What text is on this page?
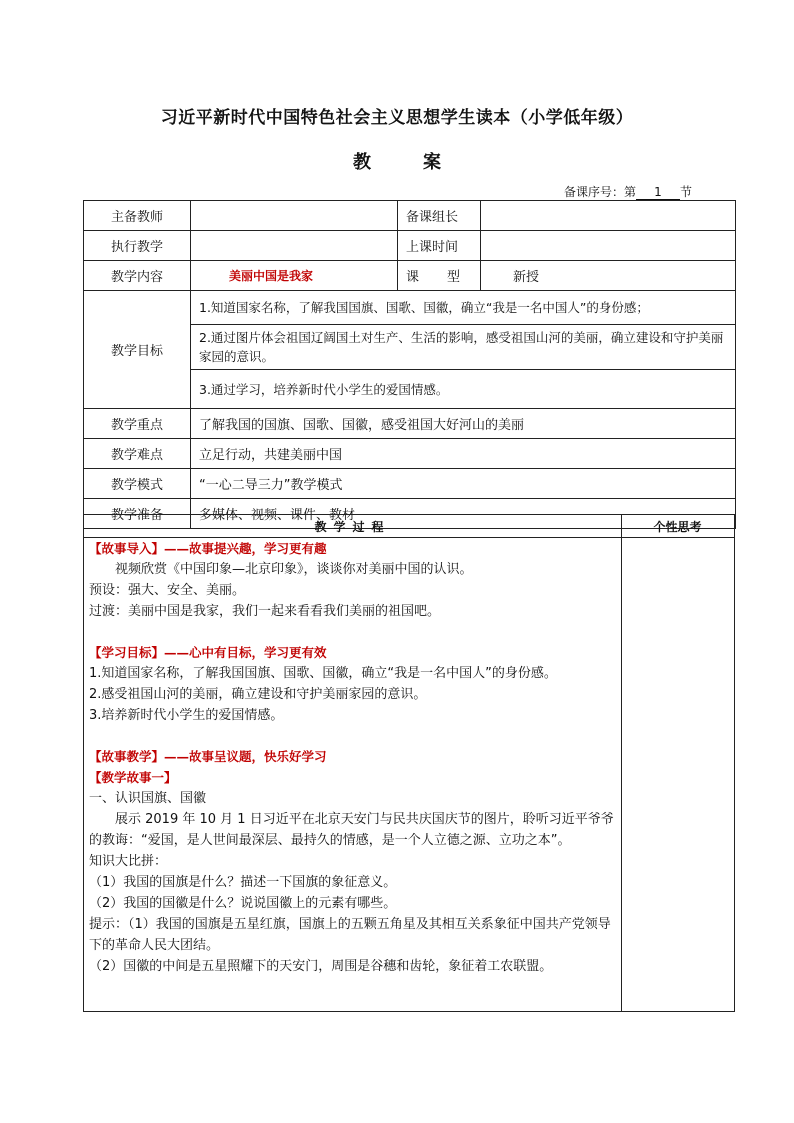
习近平新时代中国特色社会主义思想学生读本（小学低年级）
教	案
备课序号：第 1 节
主备教师		备课组长	
执行教学		上课时间	
教学内容	美丽中国是我家	课 型	新授
教学目标	1.知道国家名称，了解我国国旗、国歌、国徽，确立“我是一名中国人”的身份感；		
	2.通过图片体会祖国辽阔国土对生产、生活的影响，感受祖国山河的美丽，确立建设和守护美丽家园的意识。		
	3.通过学习，培养新时代小学生的爱国情感。		
教学重点	了解我国的国旗、国歌、国徽，感受祖国大好河山的美丽		
教学难点	立足行动，共建美丽中国		
教学模式	“一心二导三力”教学模式		
教学准备	多媒体、视频、课件、教材		
教学过程	个性思考

【故事导入】——故事提兴趣，学习更有趣

视频欣赏《中国印象—北京印象》，谈谈你对美丽中国的认识。

预设：强大、安全、美丽。

过渡：美丽中国是我家，我们一起来看看我们美丽的祖国吧。

【学习目标】——心中有目标，学习更有效

1.知道国家名称，了解我国国旗、国歌、国徽，确立“我是一名中国人”的身份感。

2.感受祖国山河的美丽，确立建设和守护美丽家园的意识。

3.培养新时代小学生的爱国情感。

【故事教学】——故事呈议题，快乐好学习

【教学故事一】

一、认识国旗、国徽

展示 2019 年 10 月 1 日习近平在北京天安门与民共庆国庆节的图片，聆听习近平爷爷的教诲：“爱国，是人世间最深层、最持久的情感，是一个人立德之源、立功之本”。

知识大比拼：

（1）我国的国旗是什么？描述一下国旗的象征意义。

（2）我国的国徽是什么？说说国徽上的元素有哪些。

提示：（1）我国的国旗是五星红旗，国旗上的五颗五角星及其相互关系象征中国共产党领导下的革命人民大团结。

（2）国徽的中间是五星照耀下的天安门，周围是谷穗和齿轮，象征着工农联盟。
